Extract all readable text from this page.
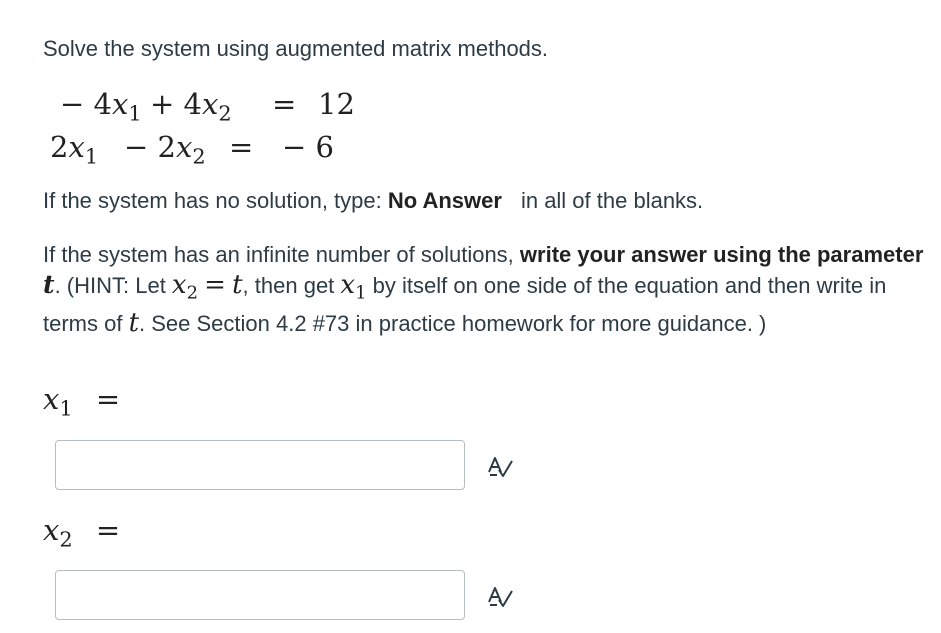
Solve the system using augmented matrix methods.
− $4x_1 + 4x_2 = 12$
$2x_1 - 2x_2$ = − 6
If the system has no solution, type: No Answer in all of the blanks.
If the system has an infinite number of solutions, write your answer using the parameter t. (HINT: Let $x_2 = t$, then get $x_1$ by itself on one side of the equation and then write in terms of t. See Section 4.2 #73 in practice homework for more guidance. )
$x_1$ =
$x_2$ =
